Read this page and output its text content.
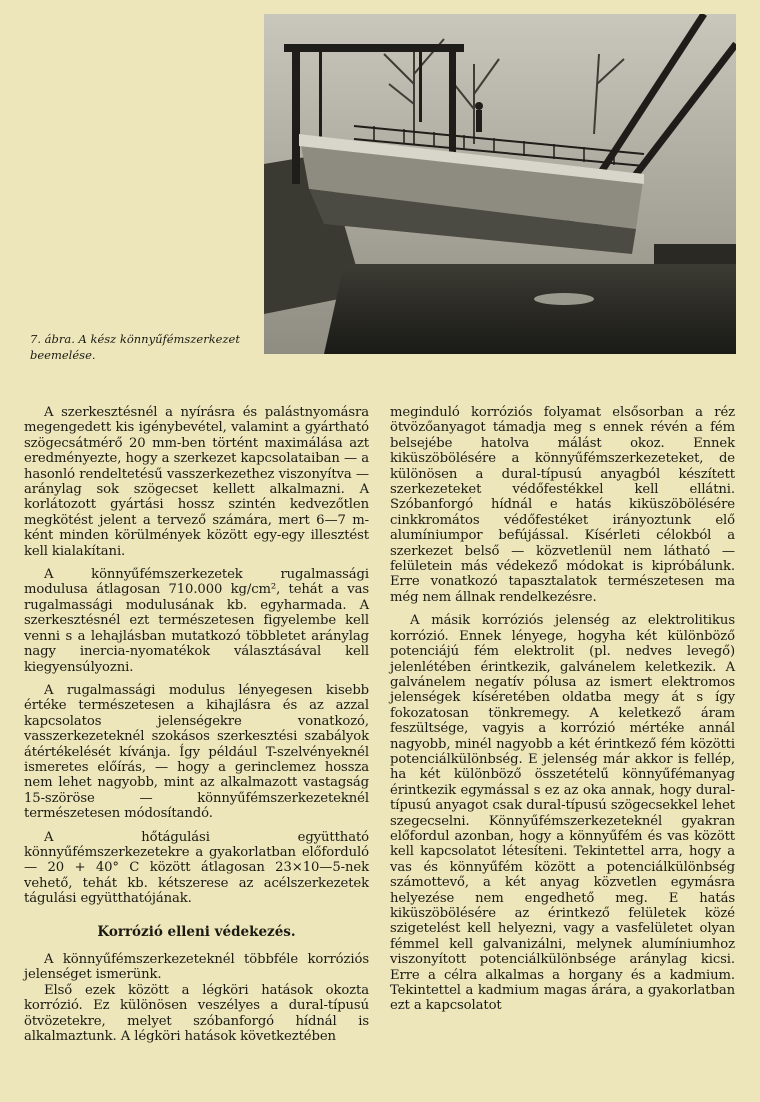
7. ábra. A kész könnyűfémszerkezet beemelése.

A szerkesztésnél a nyírásra és palástnyomásra megengedett kis igénybevétel, valamint a gyártható szögecsátmérő 20 mm-ben történt maximálása azt eredményezte, hogy a szerkezet kapcsolataiban — a hasonló rendeltetésű vasszerkezethez viszonyítva — aránylag sok szögecset kellett alkalmazni. A korlátozott gyártási hossz szintén kedvezőtlen megkötést jelent a tervező számára, mert 6—7 m-ként minden körülmények között egy-egy illesztést kell kialakítani.

A könnyűfémszerkezetek rugalmassági modulusa átlagosan 710.000 kg/cm², tehát a vas rugalmassági modulusának kb. egyharmada. A szerkesztésnél ezt természetesen figyelembe kell venni s a lehajlásban mutatkozó többletet aránylag nagy inercia-nyomatékok választásával kell kiegyensúlyozni.

A rugalmassági modulus lényegesen kisebb értéke természetesen a kihajlásra és az azzal kapcsolatos jelenségekre vonatkozó, vasszerkezeteknél szokásos szerkesztési szabályok átértékelését kívánja. Így például T-szelvényeknél ismeretes előírás, — hogy a gerinclemez hossza nem lehet nagyobb, mint az alkalmazott vastagság 15-szöröse — könnyűfémszerkezeteknél természetesen módosítandó.

A hőtágulási együttható könnyűfémszerkezetekre a gyakorlatban előforduló — 20 + 40° C között átlagosan 23×10—5-nek vehető, tehát kb. kétszerese az acélszerkezetek tágulási együtthatójának.

Korrózió elleni védekezés.

A könnyűfémszerkezeteknél többféle korróziós jelenséget ismerünk.

Első ezek között a légköri hatások okozta korrózió. Ez különösen veszélyes a dural-típusú ötvözetekre, melyet szóbanforgó hídnál is alkalmaztunk. A légköri hatások következtében

meginduló korróziós folyamat elsősorban a réz ötvözőanyagot támadja meg s ennek révén a fém belsejébe hatolva málást okoz. Ennek kiküszöbölésére a könnyűfémszerkezeteket, de különösen a dural-típusú anyagból készített szerkezeteket védőfestékkel kell ellátni. Szóbanforgó hídnál e hatás kiküszöbölésére cinkkromátos védőfestéket irányoztunk elő alumíniumpor befújással. Kísérleti célokból a szerkezet belső — közvetlenül nem látható — felületein más védekező módokat is kipróbálunk. Erre vonatkozó tapasztalatok természetesen ma még nem állnak rendelkezésre.

A másik korróziós jelenség az elektrolitikus korrózió. Ennek lényege, hogyha két különböző potenciájú fém elektrolit (pl. nedves levegő) jelenlétében érintkezik, galvánelem keletkezik. A galvánelem negatív pólusa az ismert elektromos jelenségek kíséretében oldatba megy át s így fokozatosan tönkremegy. A keletkező áram feszültsége, vagyis a korrózió mértéke annál nagyobb, minél nagyobb a két érintkező fém közötti potenciálkülönbség. E jelenség már akkor is fellép, ha két különböző összetételű könnyűfémanyag érintkezik egymással s ez az oka annak, hogy dural-típusú anyagot csak dural-típusú szögecsekkel lehet szegecselni. Könnyűfémszerkezeteknél gyakran előfordul azonban, hogy a könnyűfém és vas között kell kapcsolatot létesíteni. Tekintettel arra, hogy a vas és könnyűfém között a potenciálkülönbség számottevő, a két anyag közvetlen egymásra helyezése nem engedhető meg. E hatás kiküszöbölésére az érintkező felületek közé szigetelést kell helyezni, vagy a vasfelületet olyan fémmel kell galvanizálni, melynek alumíniumhoz viszonyított potenciálkülönbsége aránylag kicsi. Erre a célra alkalmas a horgany és a kadmium. Tekintettel a kadmium magas árára, a gyakorlatban ezt a kapcsolatot
